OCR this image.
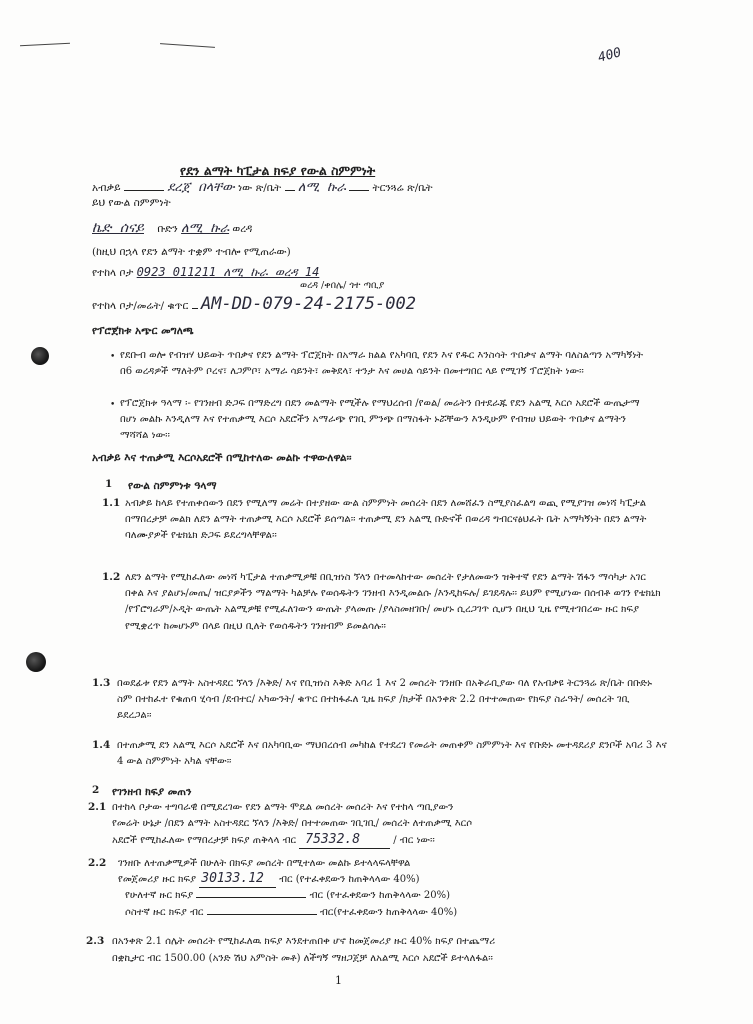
400
የደን ልማት ካፒታል ክፍያ የውል ስምምነት
አብቃይ	ደረጀ በላቸው ነው ጽ/ቤት ለሚ ኩራ	ትርንጓሬ ጽ/ቤት
ይህ የውል ስምምነት
ኬድ ሰናይ ቡድን ለሚ ኩራ ወረዳ
(ከዚህ በኋላ የደን ልማት ተቋም ተብሎ የሚጠራው)
የተከላ ቦታ 0923 011211 ለሚ ኩራ ወረዳ 14
ወረዳ /ቀበሌ/ ጎተ ጣቢያ
የተከላ ቦታ/መሬት/ ቁጥር AM-DD-079-24-2175-002
የፕሮጀክቱ አጭር መግለጫ
• የደቡብ ወሎ የብዝሃ ህይወት ጥበቃና የደን ልማት ፕሮጀክት በአማራ ክልል የአካባቢ የደን እና የዱር እንስሳት ጥበቃና ልማት ባለስልጣን አማካኝነት በ6 ወረዳዎች ማለትም ቦረና፣ ለጋምቦ፣ አማራ ሳይንት፣ መቅደላ፣ ተንታ እና መሀል ሳይንት በመተግበር ላይ የሚገኝ ፕሮጀክት ነው፡፡
• የፕሮጀክቱ ዓላማ ፡- የገንዘብ ድጋፍ በማድረግ በደን መልማት የሚችሉ የማህረሰብ /የወል/ መሬትን በተደራጁ የደን አልሚ እርሶ አደሮች ውጤታማ በሆነ መልኩ እንዲለማ እና የተጠቃሚ እርሶ አደሮችን አማራጭ የገቢ ምንጭ በማስፋት ኑሯቸውን እንዲሁም የብዝሀ ህይወት ጥበቃና ልማትን ማሻሻል ነው፡፡
አብቃይ እና ተጠቃሚ እርሶአደሮች በሚከተለው መልኩ ተዋውለዋል፡፡
1 የውል ስምምነቱ ዓላማ
1.1 አብቃይ ከላይ የተጠቀሰውን በደን የሚለማ መሬት በተያዘው ውል ስምምነት መሰረት በደን ለመሸፈን ስሚያስፈልግ ወጪ የሚያገዝ መነሻ ካፒታል በማበረታቻ መልክ ለደን ልማት ተጠቃሚ እርሶ አደሮች ይሰጣል፡፡ ተጠቃሚ ደን አልሚ ቡድኖች በወረዳ ግብርናፅህፈት ቤት አማካኝነት በደን ልማት ባለሙያዎች የቴክኒክ ድጋፍ ይደረግላቸዋል፡፡
1.2 ለደን ልማት የሚከፈለው መነሻ ካፒታል ተጠቃሚዎቹ በቢዝነስ ኘላን በተመላከተው መሰረት የታለመውን ዝቅተኛ የደን ልማት ሽፋን ማሳካታ አገር በቀል እና ያልሆኑ/መጤ/ ዝርያዎችን ማልማት ካልቻሉ የወሰዱትን ገንዘብ እንዲመልሱ /እንዲከፍሉ/ ይገደዳሉ፡፡ ይህም የሚሆነው በሰብቶ ወገን የቴክኒክ /የፕሮግራም/ኦዲት ውጤት አልሚዎቹ የሚፈለገውን ውጤት ያላመጡ /ያላስመዘገቡ/ መሆኑ ሲረጋገጥ ሲሆን በዚህ ጊዜ የሚተገበረው ዙር ክፍያ የሚቋረጥ ከመሆኑም በላይ በዚህ ቢለት የወሰዱትን ገንዘብም ይመልሳሉ፡፡
1.3 በወደፊቱ የደን ልማት አስተዳደር ኘላን /እቅድ/ እና የቢዝነስ እቅድ አባሪ 1 እና 2 መሰረት ገንዘቡ በአቅራቢያው ባለ የአብቃዩ ትርንጓሬ ጽ/ቤት በቡድኑ ስም በተከፈተ የቁጠባ ሂሳብ /ደብተር/ አካውንት/ ቁጥር በተከፋፈለ ጊዜ ክፍያ /ክታች በአንቀጽ 2.2 በተተመጠው የክፍያ ስራዓት/ መሰረት ገቢ ይደረጋል፡፡
1.4 በተጠቃሚ ደን አልሚ እርሶ አደሮች እና በአካባቢው ማህበረሰብ መካከል የተደረገ የመሬት መጠቀም ስምምነት እና የቡድኑ መተዳደሪያ ደንቦች አባሪ 3 እና 4 ውል ስምምነት አካል ናቸው፡፡
2 የገንዘብ ክፍያ መጠን
2.1 በተከላ ቦታው ተግባራዊ በሚደረገው የደን ልማት ሞዴል መሰረት መሰረት እና የተከላ ጣቢያውን
የመሬት ሁኔታ /በደን ልማት አስተዳደር ኘላን /እቅድ/ በተተመጠው ገቢገቢ/ መሰረት ለተጠቃሚ እርሶ
አደሮች የሚከፈለው የማበረታቻ ክፍያ ጠቅላላ ብር 75332.8	/ ብር ነው፡፡
2.2 ገንዘቡ ለተጠቃሚዎች በሁለት በክፍያ መሰረት በሚተለው መልኩ ይተላላፍላቸዋል
የመጀመሪያ ዙር ክፍያ 30133.12 ብር (የተፈቀደውን ከጠቅላላው 40%)
የሁለተኛ ዙር ክፍያ	ብር (የተፈቀደውን ከጠቅላላው 20%)
ሶስተኛ ዙር ክፍያ ብር	ብር(የተፈቀደውን ከጠቅላላው 40%)
2.3 በአንቀጽ 2.1 ሰሌት መሰረት የሚከፈለዉ ክፍያ እንደተጠበቀ ሆኖ ከመጀመሪያ ዙር 40% ክፍያ በተጨማሪ
በቋኪታር ብር 1500.00 (አንድ ሽህ አምስት መቶ) ለችግኝ ማዘጋጀቻ ለአልሚ እርሶ አደሮች ይተላለፋል፡፡
1
